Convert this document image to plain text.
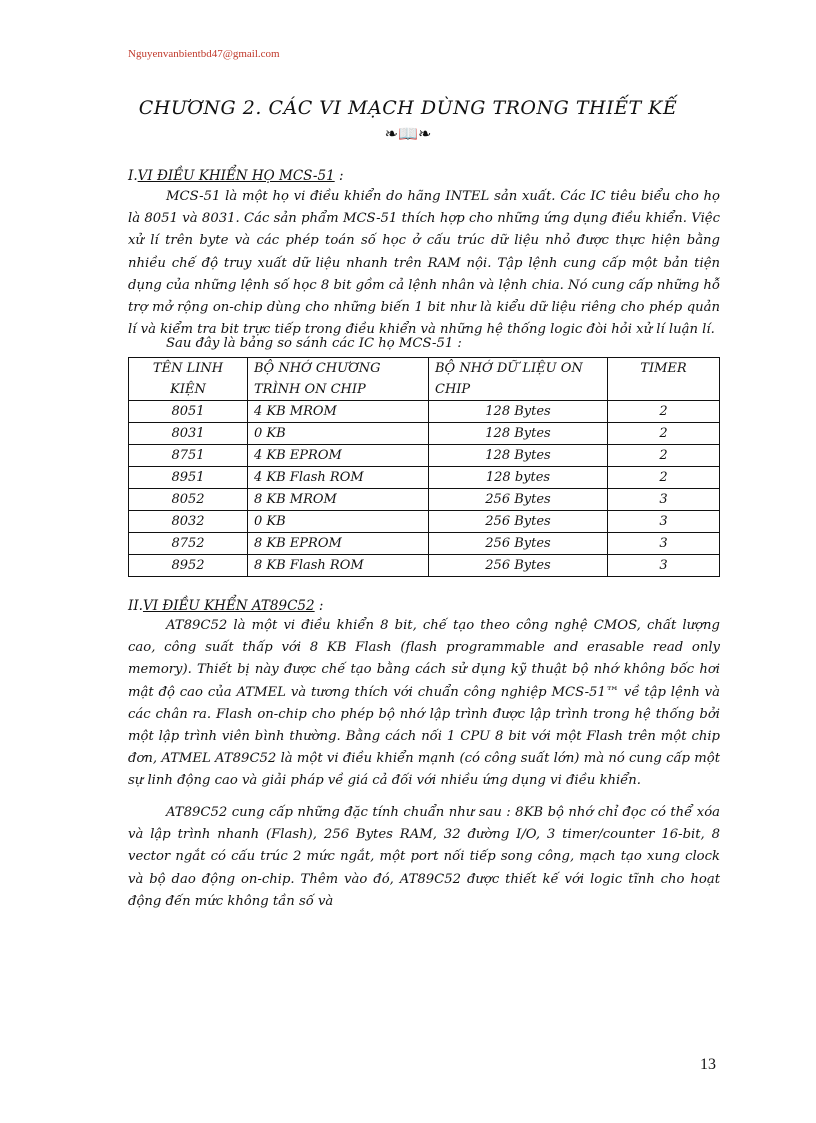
Nguyenvanbientbd47@gmail.com
CHƯƠNG 2. CÁC VI MẠCH DÙNG TRONG THIẾT KẾ
❧📖❧
I.VI ĐIỀU KHIỂN HỌ MCS-51 :
MCS-51 là một họ vi điều khiển do hãng INTEL sản xuất. Các IC tiêu biểu cho họ là 8051 và 8031. Các sản phẩm MCS-51 thích hợp cho những ứng dụng điều khiển. Việc xử lí trên byte và các phép toán số học ở cấu trúc dữ liệu nhỏ được thực hiện bằng nhiều chế độ truy xuất dữ liệu nhanh trên RAM nội. Tập lệnh cung cấp một bản tiện dụng của những lệnh số học 8 bit gồm cả lệnh nhân và lệnh chia. Nó cung cấp những hỗ trợ mở rộng on-chip dùng cho những biến 1 bit như là kiểu dữ liệu riêng cho phép quản lí và kiểm tra bit trực tiếp trong điều khiển và những hệ thống logic đòi hỏi xử lí luận lí.
Sau đây là bảng so sánh các IC họ MCS-51 :
TÊN LINH KIỆN	BỘ NHỚ CHƯƠNG TRÌNH ON CHIP	BỘ NHỚ DỮ LIỆU ON CHIP	TIMER
8051	4 KB MROM	128 Bytes	2
8031	0 KB	128 Bytes	2
8751	4 KB EPROM	128 Bytes	2
8951	4 KB Flash ROM	128 bytes	2
8052	8 KB MROM	256 Bytes	3
8032	0 KB	256 Bytes	3
8752	8 KB EPROM	256 Bytes	3
8952	8 KB Flash ROM	256 Bytes	3
II.VI ĐIỀU KHỂN AT89C52 :
AT89C52 là một vi điều khiển 8 bit, chế tạo theo công nghệ CMOS, chất lượng cao, công suất thấp với 8 KB Flash (flash programmable and erasable read only memory). Thiết bị này được chế tạo bằng cách sử dụng kỹ thuật bộ nhớ không bốc hơi mật độ cao của ATMEL và tương thích với chuẩn công nghiệp MCS-51™ về tập lệnh và các chân ra. Flash on-chip cho phép bộ nhớ lập trình được lập trình trong hệ thống bởi một lập trình viên bình thường. Bằng cách nối 1 CPU 8 bit với một Flash trên một chip đơn, ATMEL AT89C52 là một vi điều khiển mạnh (có công suất lớn) mà nó cung cấp một sự linh động cao và giải pháp về giá cả đối với nhiều ứng dụng vi điều khiển.
AT89C52 cung cấp những đặc tính chuẩn như sau : 8KB bộ nhớ chỉ đọc có thể xóa và lập trình nhanh (Flash), 256 Bytes RAM, 32 đường I/O, 3 timer/counter 16-bit, 8 vector ngắt có cấu trúc 2 mức ngắt, một port nối tiếp song công, mạch tạo xung clock và bộ dao động on-chip. Thêm vào đó, AT89C52 được thiết kế với logic tĩnh cho hoạt động đến mức không tần số và
13
